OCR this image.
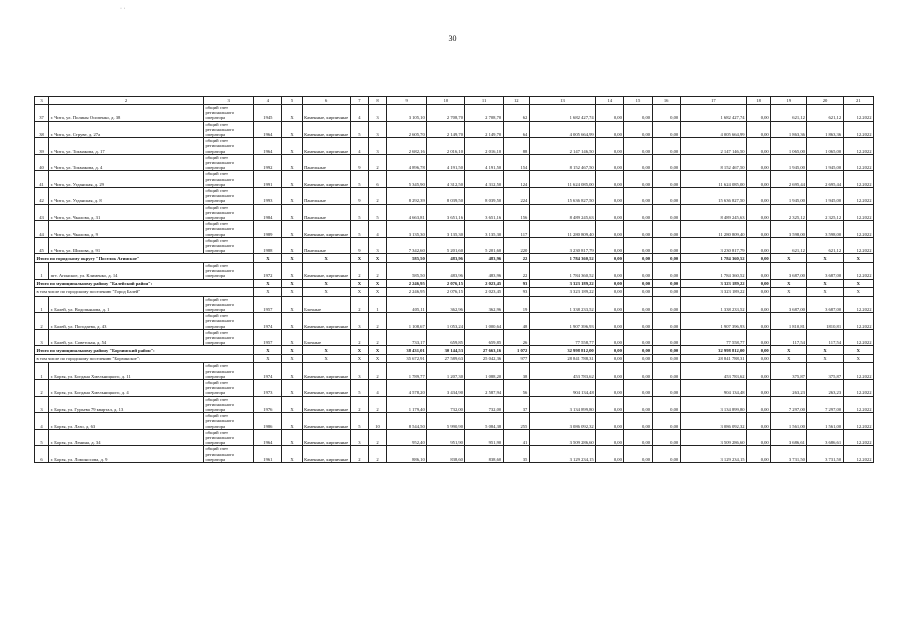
· ·
30
3	2	3	4	5	6	7	8	9	10	11	12	13	14	15	16	17	18	19	20	21
37	г. Чита, ул. Полины Осипенко, д. 38	общий счет регионального оператора	1945	X	Каменные, кирпичные	4	3	3 105,10	2 708,70	2 708,70	62	1 682 427,74	0,00	0,00	0,00	1 682 427,74	0,00	621,12	621,12	12.2022
38	г. Чита, ул. Струве, д. 27а	общий счет регионального оператора	1964	X	Каменные, кирпичные	5	3	2 605,70	2 149,70	2 149,70	64	4 005 664,99	0,00	0,00	0,00	4 005 664,99	0,00	1 863,36	1 863,36	12.2022
39	г. Чита, ул. Токмакова, д. 17	общий счет регионального оператора	1964	X	Каменные, кирпичные	4	3	2 682,16	2 016,10	2 016,10	88	2 147 146,50	0,00	0,00	0,00	2 147 146,50	0,00	1 065,00	1 065,00	12.2022
40	г. Чита, ул. Токмакова, д. 4	общий счет регионального оператора	1992	X	Панельные	9	2	4 896,78	4 191,50	4 191,50	154	8 152 467,50	0,00	0,00	0,00	8 152 467,50	0,00	1 945,00	1 945,00	12.2022
41	г. Чита, ул. Угданская, д. 29	общий счет регионального оператора	1991	X	Каменные, кирпичные	5	6	5 345,90	4 312,50	4 312,50	124	11 624 085,00	0,00	0,00	0,00	11 624 085,00	0,00	2 695,44	2 695,44	12.2022
42	г. Чита, ул. Угданская, д. 8	общий счет регионального оператора	1993	X	Панельные	9	2	8 292,39	8 039,50	8 039,50	224	15 636 827,50	0,00	0,00	0,00	15 636 827,50	0,00	1 945,00	1 945,00	12.2022
43	г. Чита, ул. Чкалова, д. 31	общий счет регионального оператора	1984	X	Панельные	5	5	4 663,81	3 651,16	3 651,16	156	8 489 245,63	0,00	0,00	0,00	8 489 245,63	0,00	2 325,12	2 325,12	12.2022
44	г. Чита, ул. Чкалова, д. 9	общий счет регионального оператора	1989	X	Каменные, кирпичные	5	4	3 135,30	3 135,30	3 135,30	117	11 280 809,40	0,00	0,00	0,00	11 280 809,40	0,00	3 598,00	3 598,00	12.2022
45	г. Чита, ул. Шилова, д. 91	общий счет регионального оператора	1988	X	Панельные	9	3	7 342,60	5 201,60	5 201,60	220	3 230 817,79	0,00	0,00	0,00	3 230 817,79	0,00	621,12	621,12	12.2022
Итого по городскому округу "Поселок Агинское"			X	X	X	X	X	585,50	483,96	483,96	22	1 784 360,52	0,00	0,00	0,00	1 784 360,52	0,00	X	X	X
1	пгт. Агинское, ул. Клименко, д. 14	общий счет регионального оператора	1972	X	Каменные, кирпичные	2	2	585,50	483,96	483,96	22	1 784 360,52	0,00	0,00	0,00	1 784 360,52	0,00	3 687,00	3 687,00	12.2022
Итого по муниципальному району "Балейский район":			X	X	X	X	X	2 246,95	2 076,15	2 023,45	93	3 323 189,22	0,00	0,00	0,00	3 323 189,22	0,00	X	X	X
в том числе по городскому поселению "Город Балей"			X	X	X	X	X	2 246,95	2 076,15	2 023,45	93	3 323 189,22	0,00	0,00	0,00	3 323 189,22	0,00	X	X	X
1	г. Балей, ул. Водопьянова, д. 1	общий счет регионального оператора	1957	X	Блочные	2	1	405,11	362,96	362,96	19	1 338 233,52	0,00	0,00	0,00	1 338 233,52	0,00	3 687,00	3 687,00	12.2022
2	г. Балей, ул. Погодаева, д. 43	общий счет регионального оператора	1974	X	Каменные, кирпичные	3	2	1 108,67	1 053,24	1 000,64	48	1 907 396,93	0,00	0,00	0,00	1 907 396,93	0,00	1 810,81	1810,81	12.2022
3	г. Балей, ул. Советская, д. 54	общий счет регионального оператора	1957	X	Блочные	2	2	733,17	659,85	659,85	26	77 558,77	0,00	0,00	0,00	77 558,77	0,00	117,54	117,54	12.2022
Итого по муниципальному району "Борзинский район":			X	X	X	X	X	38 431,01	30 144,53	27 663,16	1 072	32 998 812,00	0,00	0,00	0,00	32 998 812,00	0,00	X	X	X
в том числе по городскому поселению "Борзинское":			X	X	X	X	X	35 672,91	27 589,63	25 042,36	977	28 841 788,31	0,00	0,00	0,00	28 841 788,31	0,00	X	X	X
1	г. Борзя, ул. Богдана Хмельницкого, д. 11	общий счет регионального оператора	1974	X	Каменные, кирпичные	3	2	1 789,77	1 207,30	1 088,20	38	453 783,62	0,00	0,00	0,00	453 783,62	0,00	375,87	375,87	12.2022
2	г. Борзя, ул. Богдана Хмельницкого, д. 4	общий счет регионального оператора	1973	X	Каменные, кирпичные	5	4	4 578,20	3 434,90	2 587,94	56	904 134,48	0,00	0,00	0,00	904 134,48	0,00	263,23	263,23	12.2022
3	г. Борзя, ул. Гурьева 79 квартал, д. 13	общий счет регионального оператора	1976	X	Каменные, кирпичные	2	2	1 179,40	732,00	732,00	37	3 134 899,80	0,00	0,00	0,00	3 134 899,80	0,00	7 297,00	7 297,00	12.2022
4	г. Борзя, ул. Лазо, д. 63	общий счет регионального оператора	1986	X	Каменные, кирпичные	5	10	8 544,50	5 990,90	5 084,38	255	3 086 092,32	0,00	0,00	0,00	3 086 092,32	0,00	1 561,00	1 561,00	12.2022
5	г. Борзя, ул. Ленина, д. 34	общий счет регионального оператора	1964	X	Каменные, кирпичные	3	2	952,40	951,90	951,90	41	3 509 286,60	0,00	0,00	0,00	3 509 286,60	0,00	3 686,61	3 686,61	12.2022
6	г. Борзя, ул. Ломоносова, д. 9	общий счет регионального оператора	1961	X	Каменные, кирпичные	2	2	886,10	838,60	838,60	35	3 129 234,15	0,00	0,00	0,00	3 129 234,15	0,00	3 731,50	3 731,50	12.2022
